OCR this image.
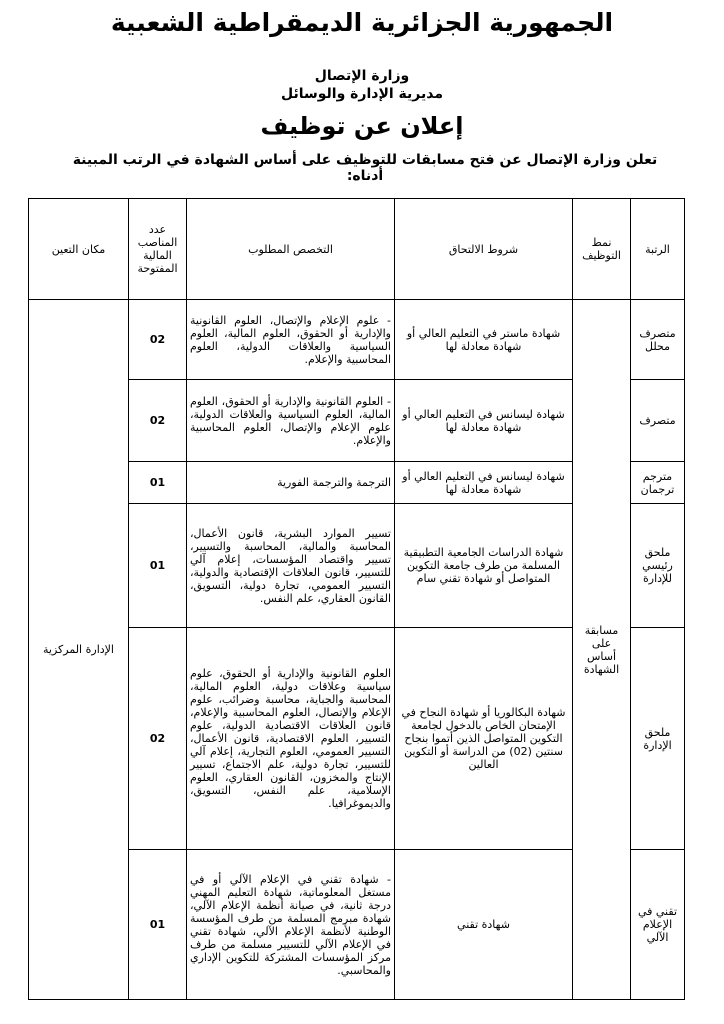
الجمهورية الجزائرية الديمقراطية الشعبية
وزارة الإتصال
مديرية الإدارة والوسائل
إعلان عن توظيف
تعلن وزارة الإتصال عن فتح مسابقات للتوظيف على أساس الشهادة في الرتب المبينة أدناه:
الرتبة	نمط التوظيف	شروط الالتحاق	التخصص المطلوب	عدد المناصب المالية المفتوحة	مكان التعين
متصرف محلل	مسابقة على أساس الشهادة	شهادة ماستر في التعليم العالي أو شهادة معادلة لها	- علوم الإعلام والإتصال، العلوم القانونية والإدارية أو الحقوق، العلوم المالية، العلوم السياسية والعلاقات الدولية، العلوم المحاسبية والإعلام.	02	الإدارة المركزية
متصرف		شهادة ليسانس في التعليم العالي أو شهادة معادلة لها	- العلوم القانونية والإدارية أو الحقوق، العلوم المالية، العلوم السياسية والعلاقات الدولية، علوم الإعلام والإتصال، العلوم المحاسبية والإعلام.	02	
مترجم ترجمان		شهادة ليسانس في التعليم العالي أو شهادة معادلة لها	الترجمة والترجمة الفورية	01	
ملحق رئيسي للإدارة		شهادة الدراسات الجامعية التطبيقية المسلمة من طرف جامعة التكوين المتواصل أو شهادة تقني سام	تسيير الموارد البشرية، قانون الأعمال، المحاسبة والمالية، المحاسبة والتسيير، تسيير واقتصاد المؤسسات، إعلام آلي للتسيير، قانون العلاقات الإقتصادية والدولية، التسيير العمومي، تجارة دولية، التسويق، القانون العقاري، علم النفس.	01	
ملحق الإدارة		شهادة البكالوريا أو شهادة النجاح في الإمتحان الخاص بالدخول لجامعة التكوين المتواصل الذين أتموا بنجاح سنتين (02) من الدراسة أو التكوين العالين	العلوم القانونية والإدارية أو الحقوق، علوم سياسية وعلاقات دولية، العلوم المالية، المحاسبة والجباية، محاسبة وضرائب، علوم الإعلام والإتصال، العلوم المحاسبية والإعلام، قانون العلاقات الاقتصادية الدولية، علوم التسيير، العلوم الاقتصادية، قانون الأعمال، التسيير العمومي، العلوم التجارية، إعلام آلي للتسيير، تجارة دولية، علم الاجتماع، تسيير الإنتاج والمخزون، القانون العقاري، العلوم الإسلامية، علم النفس، التسويق، والديموغرافيا.	02	
تقني في الإعلام الآلي		شهادة تقني	- شهادة تقني في الإعلام الآلي أو في مستغل المعلوماتية، شهادة التعليم المهني درجة ثانية، في صيانة أنظمة الإعلام الآلي، شهادة مبرمج المسلمة من طرف المؤسسة الوطنية لأنظمة الإعلام الآلي، شهادة تقني في الإعلام الآلي للتسيير مسلمة من طرف مركز المؤسسات المشتركة للتكوين الإداري والمحاسبي.	01	
